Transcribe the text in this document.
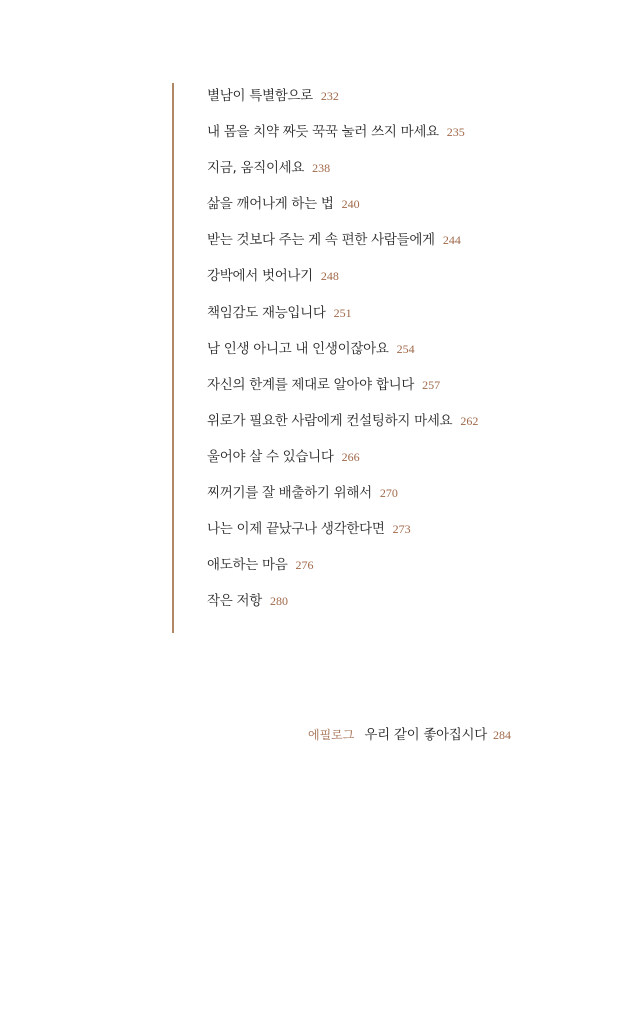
별남이 특별함으로 232
내 몸을 치약 짜듯 꾹꾹 눌러 쓰지 마세요 235
지금, 움직이세요 238
삶을 깨어나게 하는 법 240
받는 것보다 주는 게 속 편한 사람들에게 244
강박에서 벗어나기 248
책임감도 재능입니다 251
남 인생 아니고 내 인생이잖아요 254
자신의 한계를 제대로 알아야 합니다 257
위로가 필요한 사람에게 컨설팅하지 마세요 262
울어야 살 수 있습니다 266
찌꺼기를 잘 배출하기 위해서 270
나는 이제 끝났구나 생각한다면 273
애도하는 마음 276
작은 저항 280
에필로그 우리 같이 좋아집시다 284
